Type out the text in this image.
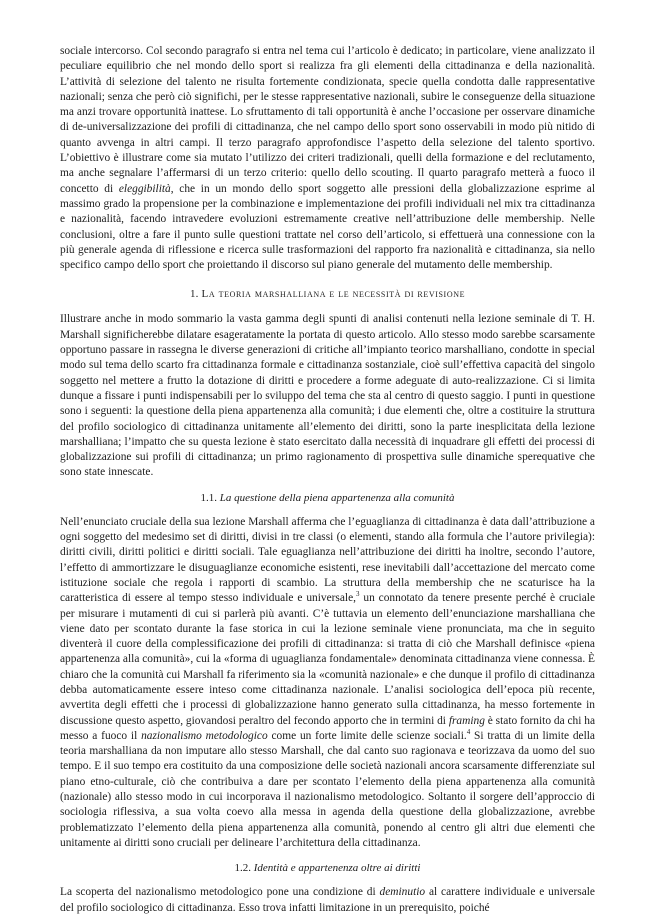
sociale intercorso. Col secondo paragrafo si entra nel tema cui l’articolo è dedicato; in particolare, viene analizzato il peculiare equilibrio che nel mondo dello sport si realizza fra gli elementi della cittadinanza e della nazionalità. L’attività di selezione del talento ne risulta fortemente condizionata, specie quella condotta dalle rappresentative nazionali; senza che però ciò significhi, per le stesse rappresentative nazionali, subire le conseguenze della situazione ma anzi trovare opportunità inattese. Lo sfruttamento di tali opportunità è anche l’occasione per osservare dinamiche di de-universalizzazione dei profili di cittadinanza, che nel campo dello sport sono osservabili in modo più nitido di quanto avvenga in altri campi. Il terzo paragrafo approfondisce l’aspetto della selezione del talento sportivo. L’obiettivo è illustrare come sia mutato l’utilizzo dei criteri tradizionali, quelli della formazione e del reclutamento, ma anche segnalare l’affermarsi di un terzo criterio: quello dello scouting. Il quarto paragrafo metterà a fuoco il concetto di eleggibilità, che in un mondo dello sport soggetto alle pressioni della globalizzazione esprime al massimo grado la propensione per la combinazione e implementazione dei profili individuali nel mix tra cittadinanza e nazionalità, facendo intravedere evoluzioni estremamente creative nell’attribuzione delle membership. Nelle conclusioni, oltre a fare il punto sulle questioni trattate nel corso dell’articolo, si effettuerà una connessione con la più generale agenda di riflessione e ricerca sulle trasformazioni del rapporto fra nazionalità e cittadinanza, sia nello specifico campo dello sport che proiettando il discorso sul piano generale del mutamento delle membership.

1. La teoria marshalliana e le necessità di revisione

Illustrare anche in modo sommario la vasta gamma degli spunti di analisi contenuti nella lezione seminale di T. H. Marshall significherebbe dilatare esageratamente la portata di questo articolo. Allo stesso modo sarebbe scarsamente opportuno passare in rassegna le diverse generazioni di critiche all’impianto teorico marshalliano, condotte in special modo sul tema dello scarto fra cittadinanza formale e cittadinanza sostanziale, cioè sull’effettiva capacità del singolo soggetto nel mettere a frutto la dotazione di diritti e procedere a forme adeguate di auto-realizzazione. Ci si limita dunque a fissare i punti indispensabili per lo sviluppo del tema che sta al centro di questo saggio. I punti in questione sono i seguenti: la questione della piena appartenenza alla comunità; i due elementi che, oltre a costituire la struttura del profilo sociologico di cittadinanza unitamente all’elemento dei diritti, sono la parte inesplicitata della lezione marshalliana; l’impatto che su questa lezione è stato esercitato dalla necessità di inquadrare gli effetti dei processi di globalizzazione sui profili di cittadinanza; un primo ragionamento di prospettiva sulle dinamiche sperequative che sono state innescate.

1.1. La questione della piena appartenenza alla comunità

Nell’enunciato cruciale della sua lezione Marshall afferma che l’eguaglianza di cittadinanza è data dall’attribuzione a ogni soggetto del medesimo set di diritti, divisi in tre classi (o elementi, stando alla formula che l’autore privilegia): diritti civili, diritti politici e diritti sociali. Tale eguaglianza nell’attribuzione dei diritti ha inoltre, secondo l’autore, l’effetto di ammortizzare le disuguaglianze economiche esistenti, rese inevitabili dall’accettazione del mercato come istituzione sociale che regola i rapporti di scambio. La struttura della membership che ne scaturisce ha la caratteristica di essere al tempo stesso individuale e universale,$^3$ un connotato da tenere presente perché è cruciale per misurare i mutamenti di cui si parlerà più avanti. C’è tuttavia un elemento dell’enunciazione marshalliana che viene dato per scontato durante la fase storica in cui la lezione seminale viene pronunciata, ma che in seguito diventerà il cuore della complessificazione dei profili di cittadinanza: si tratta di ciò che Marshall definisce «piena appartenenza alla comunità», cui la «forma di uguaglianza fondamentale» denominata cittadinanza viene connessa. È chiaro che la comunità cui Marshall fa riferimento sia la «comunità nazionale» e che dunque il profilo di cittadinanza debba automaticamente essere inteso come cittadinanza nazionale. L’analisi sociologica dell’epoca più recente, avvertita degli effetti che i processi di globalizzazione hanno generato sulla cittadinanza, ha messo fortemente in discussione questo aspetto, giovandosi peraltro del fecondo apporto che in termini di framing è stato fornito da chi ha messo a fuoco il nazionalismo metodologico come un forte limite delle scienze sociali.$^4$ Si tratta di un limite della teoria marshalliana da non imputare allo stesso Marshall, che dal canto suo ragionava e teorizzava da uomo del suo tempo. E il suo tempo era costituito da una composizione delle società nazionali ancora scarsamente differenziate sul piano etno-culturale, ciò che contribuiva a dare per scontato l’elemento della piena appartenenza alla comunità (nazionale) allo stesso modo in cui incorporava il nazionalismo metodologico. Soltanto il sorgere dell’approccio di sociologia riflessiva, a sua volta coevo alla messa in agenda della questione della globalizzazione, avrebbe problematizzato l’elemento della piena appartenenza alla comunità, ponendo al centro gli altri due elementi che unitamente ai diritti sono cruciali per delineare l’architettura della cittadinanza.

1.2. Identità e appartenenza oltre ai diritti

La scoperta del nazionalismo metodologico pone una condizione di deminutio al carattere individuale e universale del profilo sociologico di cittadinanza. Esso trova infatti limitazione in un prerequisito, poiché
